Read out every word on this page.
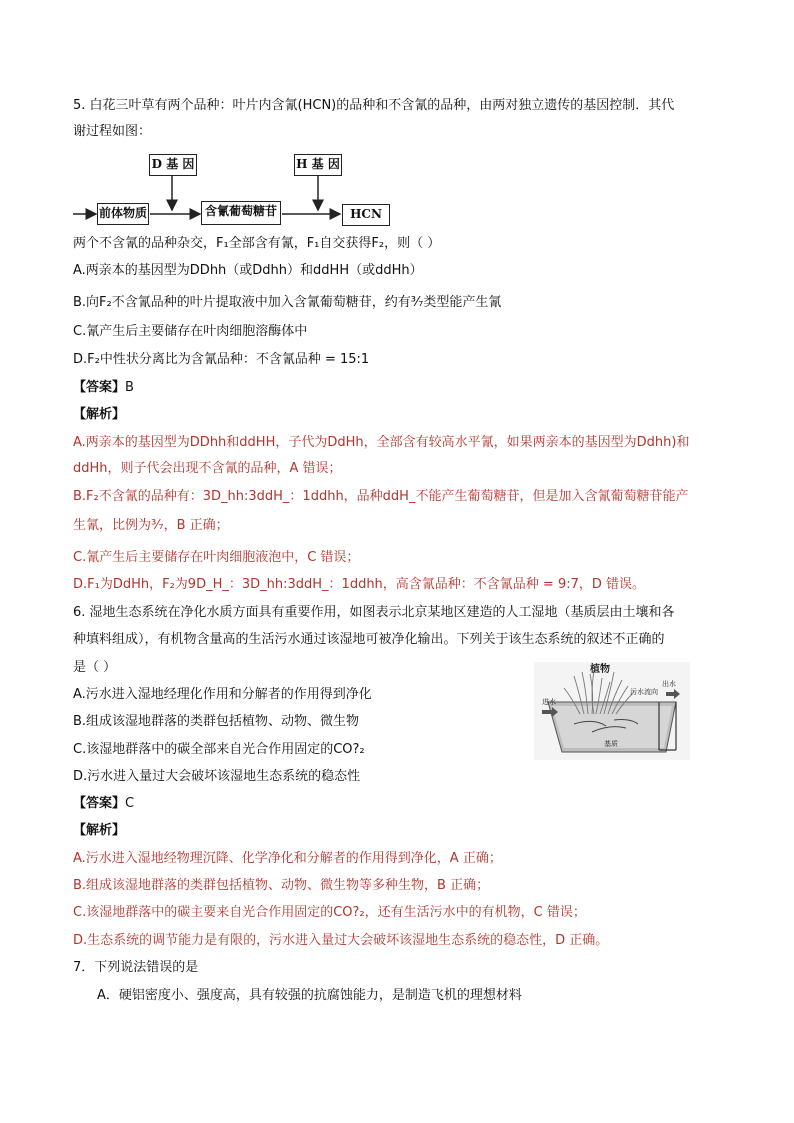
5. 白花三叶草有两个品种：叶片内含氰(HCN)的品种和不含氰的品种，由两对独立遗传的基因控制．其代
谢过程如图：
D 基 因	H 基 因
前体物质	含氰葡萄糖苷	HCN
两个不含氰的品种杂交，F₁全部含有氰，F₁自交获得F₂，则（ ）
A.两亲本的基因型为DDhh（或Ddhh）和ddHH（或ddHh）
B.向F₂不含氰品种的叶片提取液中加入含氰葡萄糖苷，约有³⁄₇类型能产生氰
C.氰产生后主要储存在叶肉细胞溶酶体中
D.F₂中性状分离比为含氰品种：不含氰品种 = 15:1
【答案】B
【解析】
A.两亲本的基因型为DDhh和ddHH，子代为DdHh，全部含有较高水平氰，如果两亲本的基因型为Ddhh)和
ddHh，则子代会出现不含氰的品种，A 错误；
B.F₂不含氰的品种有：3D_hh:3ddH_：1ddhh，品种ddH_不能产生葡萄糖苷，但是加入含氰葡萄糖苷能产
生氰，比例为³⁄₇，B 正确；
C.氰产生后主要储存在叶肉细胞液泡中，C 错误；
D.F₁为DdHh，F₂为9D_H_：3D_hh:3ddH_：1ddhh，高含氰品种：不含氰品种 = 9:7，D 错误。
6. 湿地生态系统在净化水质方面具有重要作用，如图表示北京某地区建造的人工湿地（基质层由土壤和各
种填料组成），有机物含量高的生活污水通过该湿地可被净化输出。下列关于该生态系统的叙述不正确的
是（ ）
A.污水进入湿地经理化作用和分解者的作用得到净化
B.组成该湿地群落的类群包括植物、动物、微生物
C.该湿地群落中的碳全部来自光合作用固定的CO?₂
D.污水进入量过大会破坏该湿地生态系统的稳态性
植物
污水流向
进水
出水
基质
【答案】C
【解析】
A.污水进入湿地经物理沉降、化学净化和分解者的作用得到净化，A 正确；
B.组成该湿地群落的类群包括植物、动物、微生物等多种生物，B 正确；
C.该湿地群落中的碳主要来自光合作用固定的CO?₂，还有生活污水中的有机物，C 错误；
D.生态系统的调节能力是有限的，污水进入量过大会破坏该湿地生态系统的稳态性，D 正确。
7．下列说法错误的是
A．硬铝密度小、强度高，具有较强的抗腐蚀能力，是制造飞机的理想材料
